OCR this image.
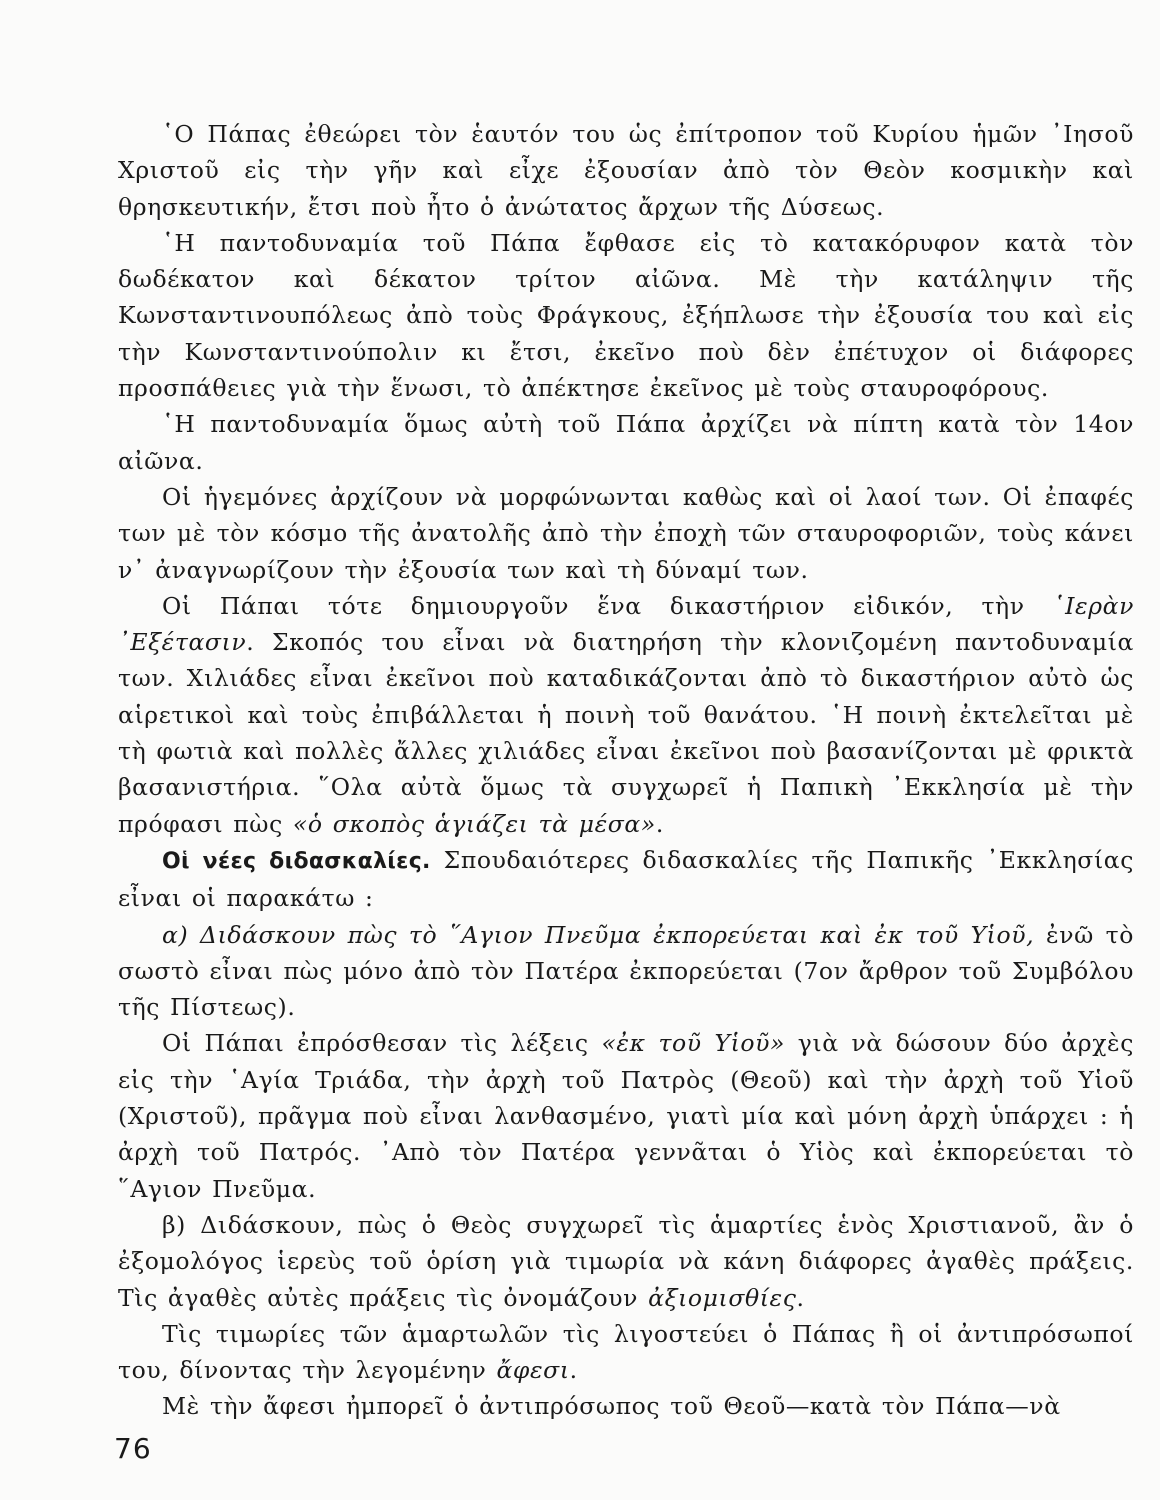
῾Ο Πάπας ἐθεώρει τὸν ἑαυτόν του ὡς ἐπίτροπον τοῦ Κυρίου ἡμῶν ᾿Ιησοῦ Χριστοῦ εἰς τὴν γῆν καὶ εἶχε ἐξουσίαν ἀπὸ τὸν Θεὸν κοσμικὴν καὶ θρησκευτικήν, ἔτσι ποὺ ἦτο ὁ ἀνώτατος ἄρχων τῆς Δύσεως.

῾Η παντοδυναμία τοῦ Πάπα ἔφθασε εἰς τὸ κατακόρυφον κατὰ τὸν δωδέκατον καὶ δέκατον τρίτον αἰῶνα. Μὲ τὴν κατάληψιν τῆς Κωνσταντινουπόλεως ἀπὸ τοὺς Φράγκους, ἐξήπλωσε τὴν ἐξουσία του καὶ εἰς τὴν Κωνσταντινούπολιν κι ἔτσι, ἐκεῖνο ποὺ δὲν ἐπέτυχον οἱ διάφορες προσπάθειες γιὰ τὴν ἕνωσι, τὸ ἀπέκτησε ἐκεῖνος μὲ τοὺς σταυροφόρους.

῾Η παντοδυναμία ὅμως αὐτὴ τοῦ Πάπα ἀρχίζει νὰ πίπτη κατὰ τὸν 14ον αἰῶνα.

Οἱ ἡγεμόνες ἀρχίζουν νὰ μορφώνωνται καθὼς καὶ οἱ λαοί των. Οἱ ἐπαφές των μὲ τὸν κόσμο τῆς ἀνατολῆς ἀπὸ τὴν ἐποχὴ τῶν σταυροφοριῶν, τοὺς κάνει ν᾿ ἀναγνωρίζουν τὴν ἐξουσία των καὶ τὴ δύναμί των.

Οἱ Πάπαι τότε δημιουργοῦν ἕνα δικαστήριον εἰδικόν, τὴν ῾Ιερὰν ᾿Εξέτασιν. Σκοπός του εἶναι νὰ διατηρήση τὴν κλονιζομένη παντοδυναμία των. Χιλιάδες εἶναι ἐκεῖνοι ποὺ καταδικάζονται ἀπὸ τὸ δικαστήριον αὐτὸ ὡς αἱρετικοὶ καὶ τοὺς ἐπιβάλλεται ἡ ποινὴ τοῦ θανάτου. ῾Η ποινὴ ἐκτελεῖται μὲ τὴ φωτιὰ καὶ πολλὲς ἄλλες χιλιάδες εἶναι ἐκεῖνοι ποὺ βασανίζονται μὲ φρικτὰ βασανιστήρια. ῞Ολα αὐτὰ ὅμως τὰ συγχωρεῖ ἡ Παπικὴ ᾿Εκκλησία μὲ τὴν πρόφασι πὼς «ὁ σκοπὸς ἁγιάζει τὰ μέσα».

Οἱ νέες διδασκαλίες. Σπουδαιότερες διδασκαλίες τῆς Παπικῆς ᾿Εκκλησίας εἶναι οἱ παρακάτω :

α) Διδάσκουν πὼς τὸ ῞Αγιον Πνεῦμα ἐκπορεύεται καὶ ἐκ τοῦ Υἱοῦ, ἐνῶ τὸ σωστὸ εἶναι πὼς μόνο ἀπὸ τὸν Πατέρα ἐκπορεύεται (7ον ἄρθρον τοῦ Συμβόλου τῆς Πίστεως).

Οἱ Πάπαι ἐπρόσθεσαν τὶς λέξεις «ἐκ τοῦ Υἱοῦ» γιὰ νὰ δώσουν δύο ἀρχὲς εἰς τὴν ῾Αγία Τριάδα, τὴν ἀρχὴ τοῦ Πατρὸς (Θεοῦ) καὶ τὴν ἀρχὴ τοῦ Υἱοῦ (Χριστοῦ), πρᾶγμα ποὺ εἶναι λανθασμένο, γιατὶ μία καὶ μόνη ἀρχὴ ὑπάρχει : ἡ ἀρχὴ τοῦ Πατρός. ᾿Απὸ τὸν Πατέρα γεννᾶται ὁ Υἱὸς καὶ ἐκπορεύεται τὸ ῞Αγιον Πνεῦμα.

β) Διδάσκουν, πὼς ὁ Θεὸς συγχωρεῖ τὶς ἁμαρτίες ἑνὸς Χριστιανοῦ, ἂν ὁ ἐξομολόγος ἱερεὺς τοῦ ὁρίση γιὰ τιμωρία νὰ κάνη διάφορες ἀγαθὲς πράξεις. Τὶς ἀγαθὲς αὐτὲς πράξεις τὶς ὀνομάζουν ἀξιομισθίες.

Τὶς τιμωρίες τῶν ἁμαρτωλῶν τὶς λιγοστεύει ὁ Πάπας ἢ οἱ ἀντιπρόσωποί του, δίνοντας τὴν λεγομένην ἄφεσι.

Μὲ τὴν ἄφεσι ἠμπορεῖ ὁ ἀντιπρόσωπος τοῦ Θεοῦ—κατὰ τὸν Πάπα—νὰ

76
